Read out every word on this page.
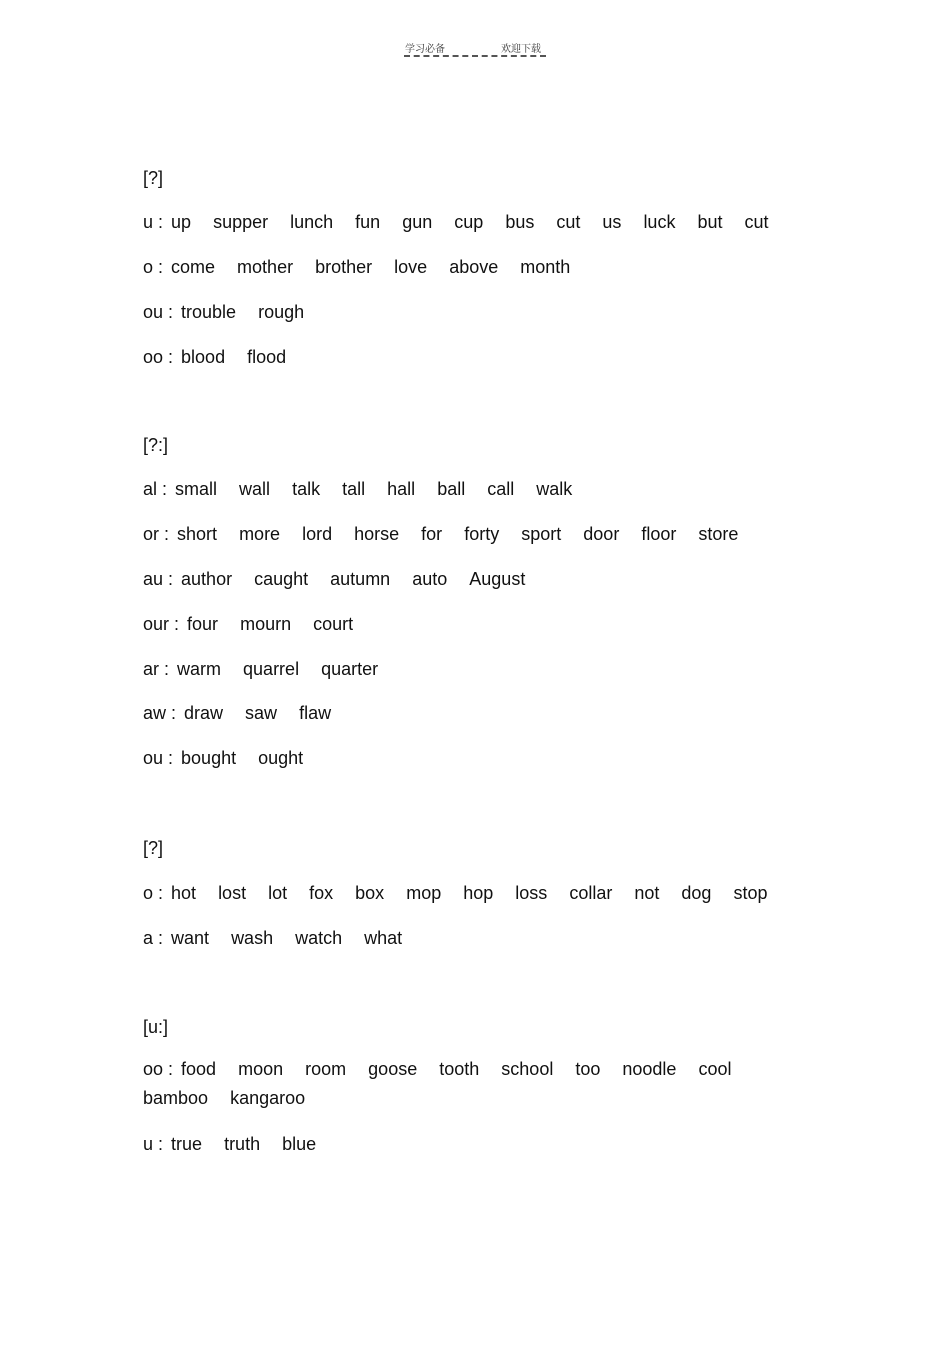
学习必备	欢迎下载
[?]
u : up supper lunch fun gun cup bus cut us luck but cut
o : come mother brother love above month
ou : trouble rough
oo : blood flood
[?:]
al : small wall talk tall hall ball call walk
or : short more lord horse for forty sport door floor store
au : author caught autumn auto August
our : four mourn court
ar : warm quarrel quarter
aw : draw saw flaw
ou : bought ought
[?]
o : hot lost lot fox box mop hop loss collar not dog stop
a : want wash watch what
[u:]
oo : food moon room goose tooth school too noodle cool bamboo kangaroo
u : true truth blue
